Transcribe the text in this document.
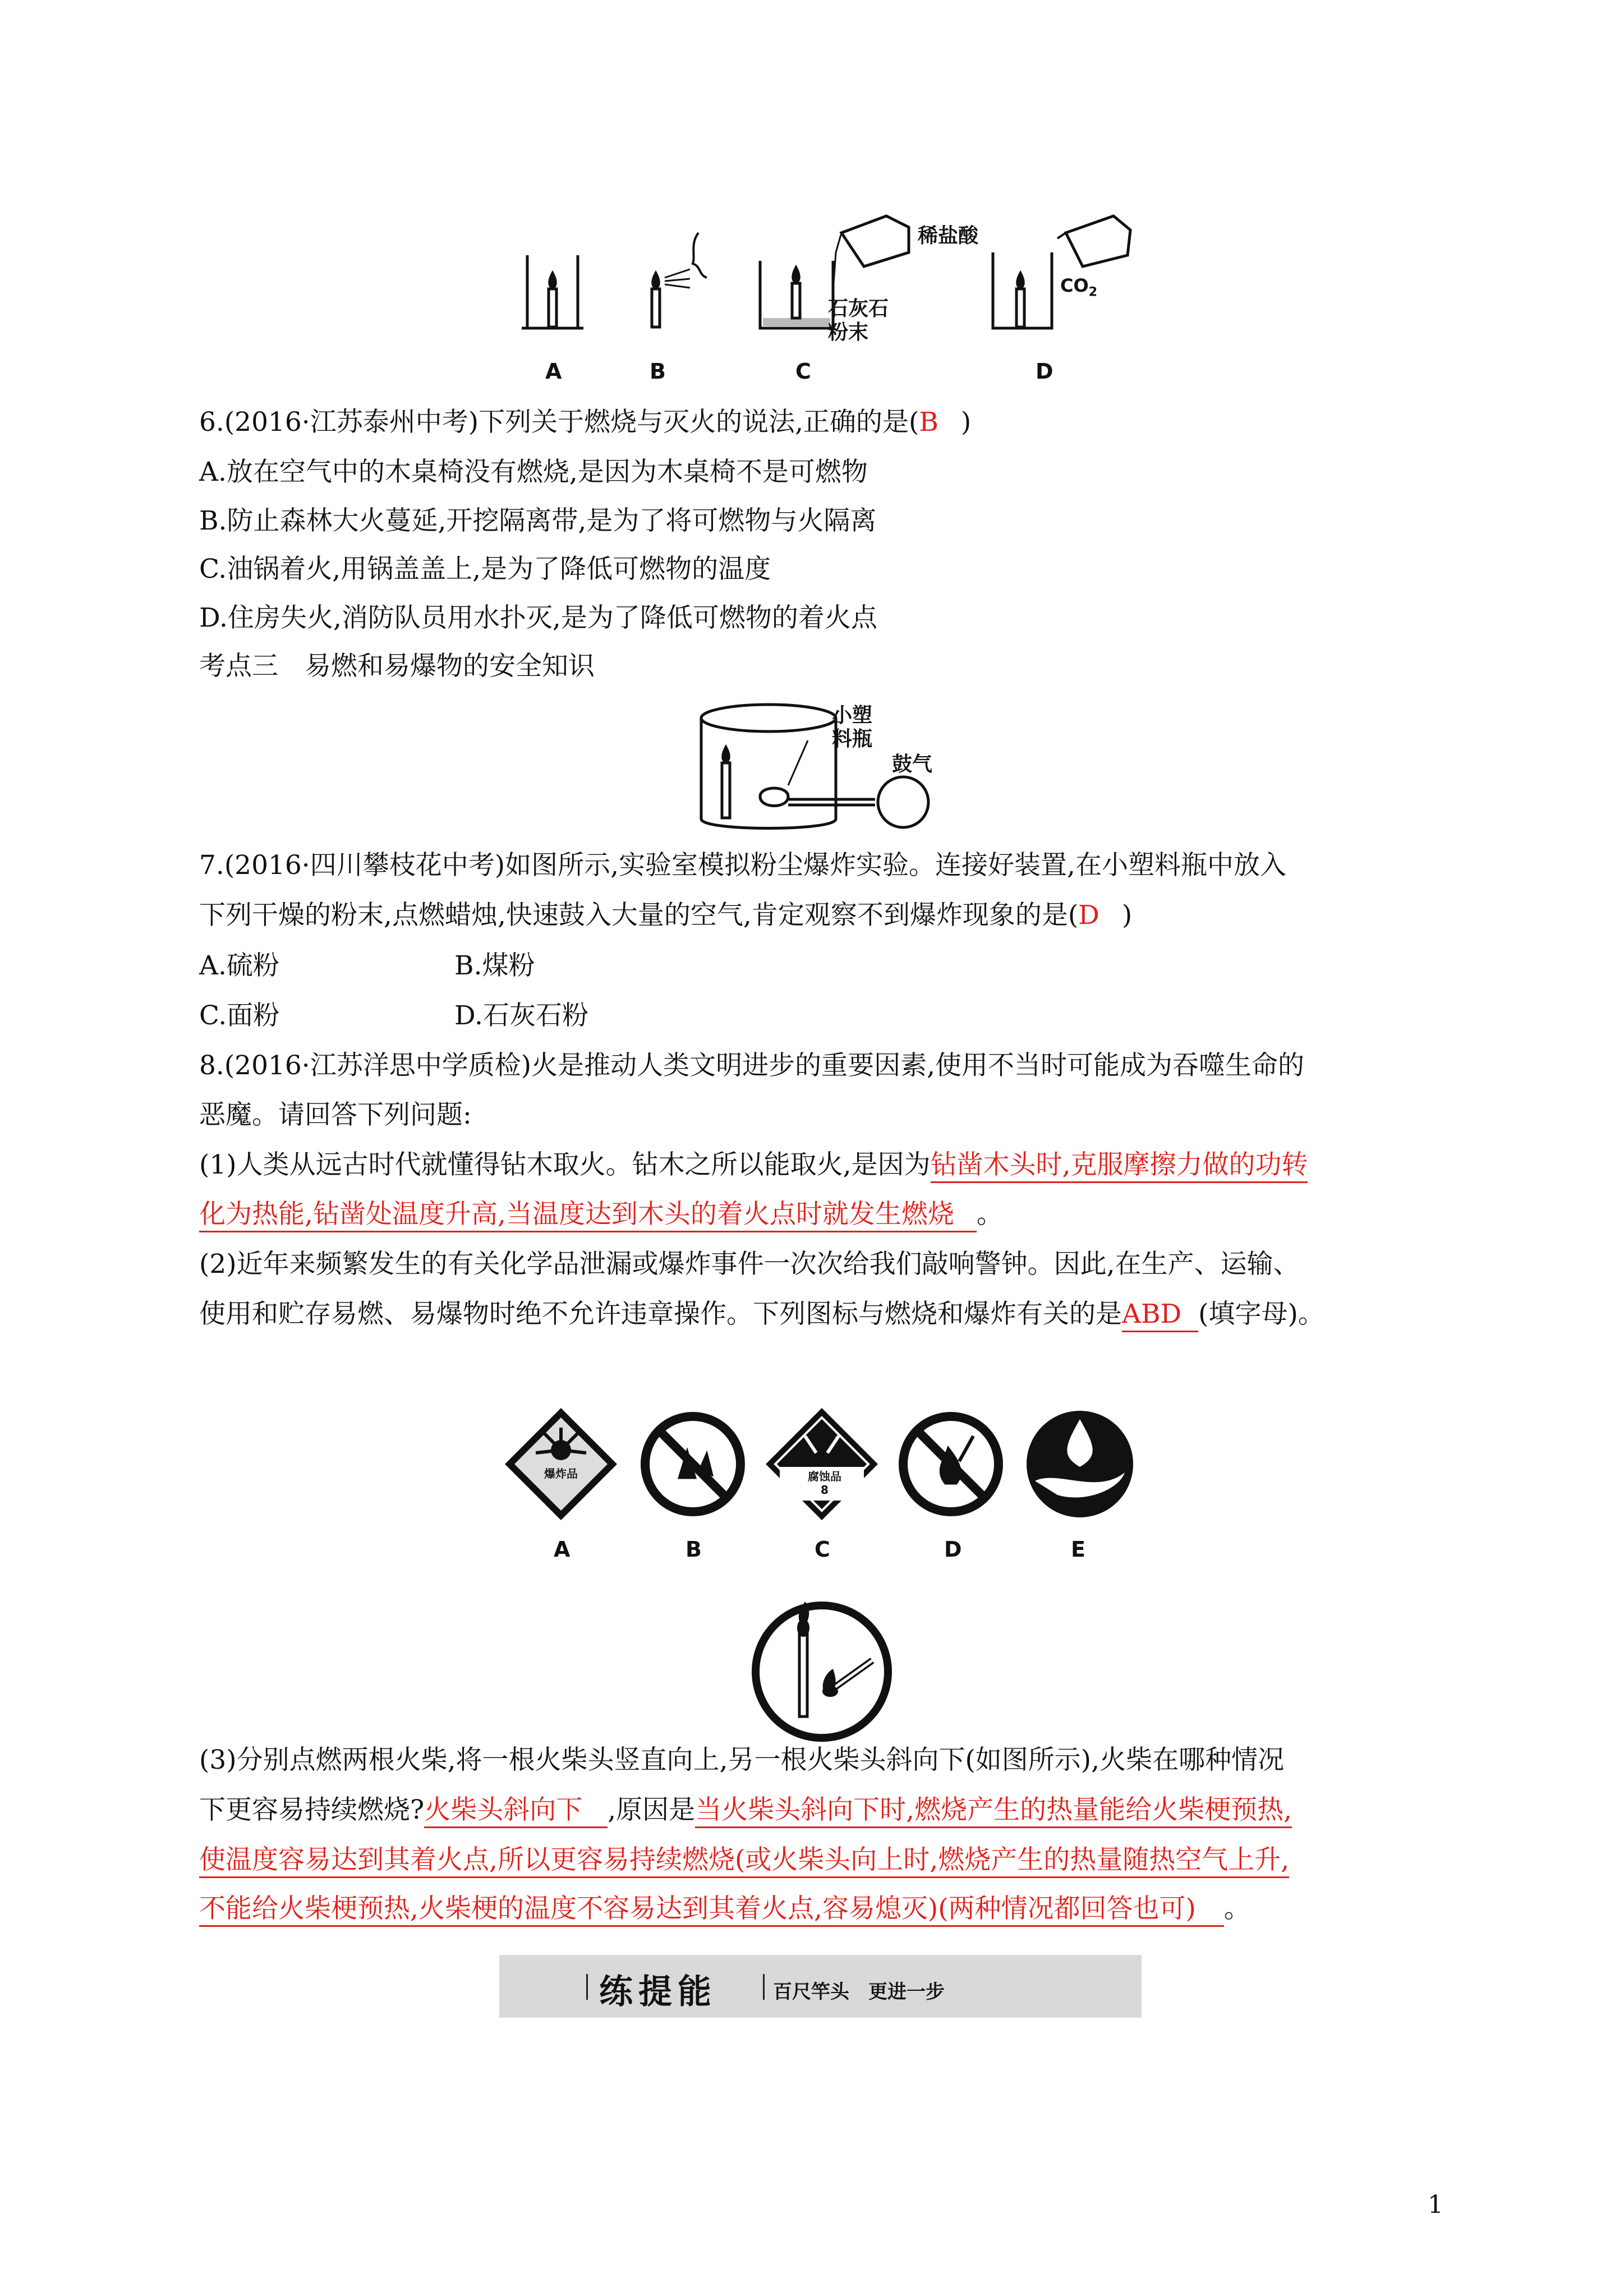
A	B	C	D
稀盐酸
石灰石
粉末
$CO_2$
6.(2016·江苏泰州中考)下列关于燃烧与灭火的说法,正确的是(B )
A.放在空气中的木桌椅没有燃烧,是因为木桌椅不是可燃物
B.防止森林大火蔓延,开挖隔离带,是为了将可燃物与火隔离
C.油锅着火,用锅盖盖上,是为了降低可燃物的温度
D.住房失火,消防队员用水扑灭,是为了降低可燃物的着火点
考点三　易燃和易爆物的安全知识
小塑
料瓶
鼓气
7.(2016·四川攀枝花中考)如图所示,实验室模拟粉尘爆炸实验。连接好装置,在小塑料瓶中放入
下列干燥的粉末,点燃蜡烛,快速鼓入大量的空气,肯定观察不到爆炸现象的是(D )
A.硫粉	B.煤粉
C.面粉	D.石灰石粉
8.(2016·江苏洋思中学质检)火是推动人类文明进步的重要因素,使用不当时可能成为吞噬生命的
恶魔。请回答下列问题:
(1)人类从远古时代就懂得钻木取火。钻木之所以能取火,是因为钻凿木头时,克服摩擦力做的功转
化为热能,钻凿处温度升高,当温度达到木头的着火点时就发生燃烧 。
(2)近年来频繁发生的有关化学品泄漏或爆炸事件一次次给我们敲响警钟。因此,在生产、运输、
使用和贮存易燃、易爆物时绝不允许违章操作。下列图标与燃烧和爆炸有关的是ABD (填字母)。
爆炸品	腐蚀品
8
A	B	C	D	E
(3)分别点燃两根火柴,将一根火柴头竖直向上,另一根火柴头斜向下(如图所示),火柴在哪种情况
下更容易持续燃烧?火柴头斜向下 ,原因是当火柴头斜向下时,燃烧产生的热量能给火柴梗预热,
使温度容易达到其着火点,所以更容易持续燃烧(或火柴头向上时,燃烧产生的热量随热空气上升,
不能给火柴梗预热,火柴梗的温度不容易达到其着火点,容易熄灭)(两种情况都回答也可) 。
练提能	百尺竿头　更进一步
1
